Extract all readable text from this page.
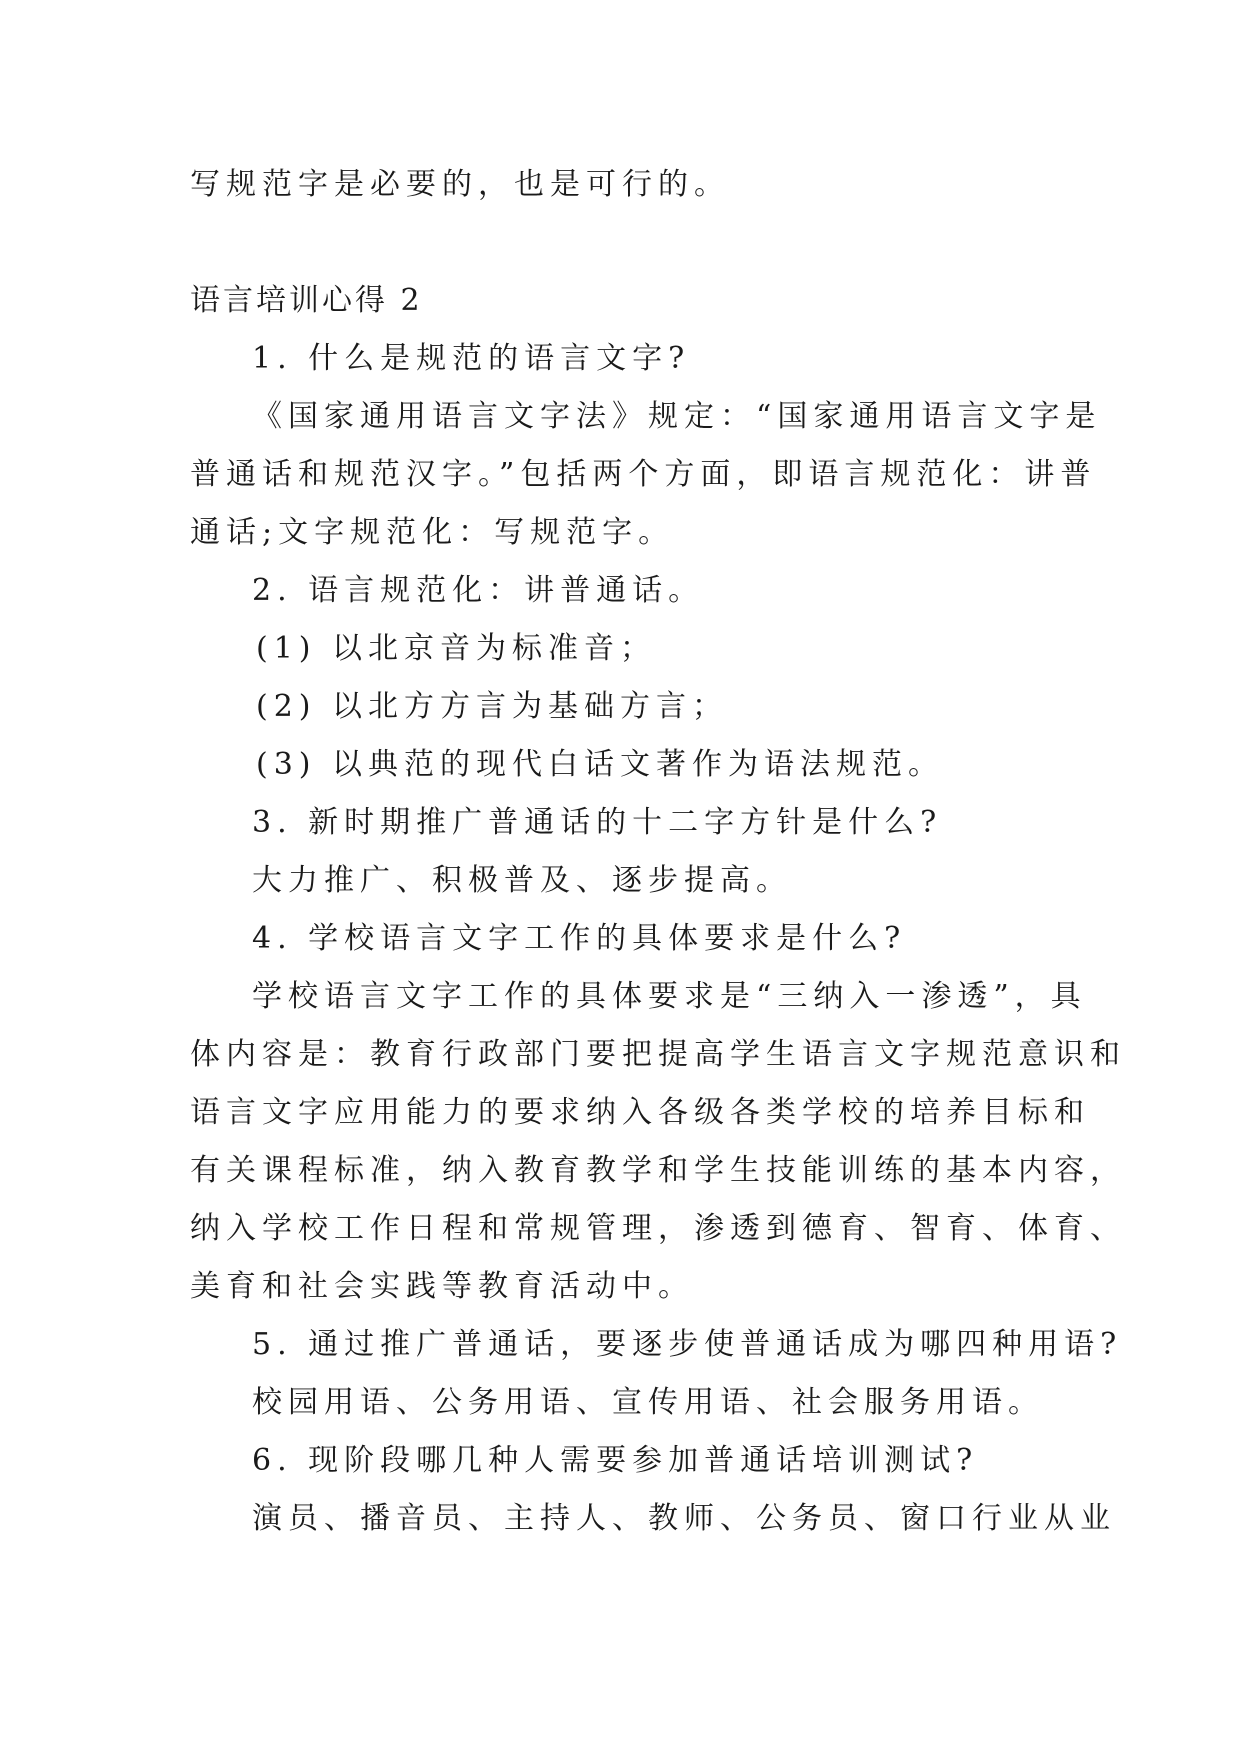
写规范字是必要的，也是可行的。

语言培训心得 2

1. 什么是规范的语言文字?

《国家通用语言文字法》规定：“国家通用语言文字是

普通话和规范汉字。”包括两个方面，即语言规范化：讲普

通话;文字规范化：写规范字。

2. 语言规范化：讲普通话。

(1) 以北京音为标准音；

(2) 以北方方言为基础方言；

(3) 以典范的现代白话文著作为语法规范。

3. 新时期推广普通话的十二字方针是什么?

大力推广、积极普及、逐步提高。

4. 学校语言文字工作的具体要求是什么?

学校语言文字工作的具体要求是“三纳入一渗透”，具

体内容是：教育行政部门要把提高学生语言文字规范意识和

语言文字应用能力的要求纳入各级各类学校的培养目标和

有关课程标准，纳入教育教学和学生技能训练的基本内容，

纳入学校工作日程和常规管理，渗透到德育、智育、体育、

美育和社会实践等教育活动中。

5. 通过推广普通话，要逐步使普通话成为哪四种用语?

校园用语、公务用语、宣传用语、社会服务用语。

6. 现阶段哪几种人需要参加普通话培训测试?

演员、播音员、主持人、教师、公务员、窗口行业从业
